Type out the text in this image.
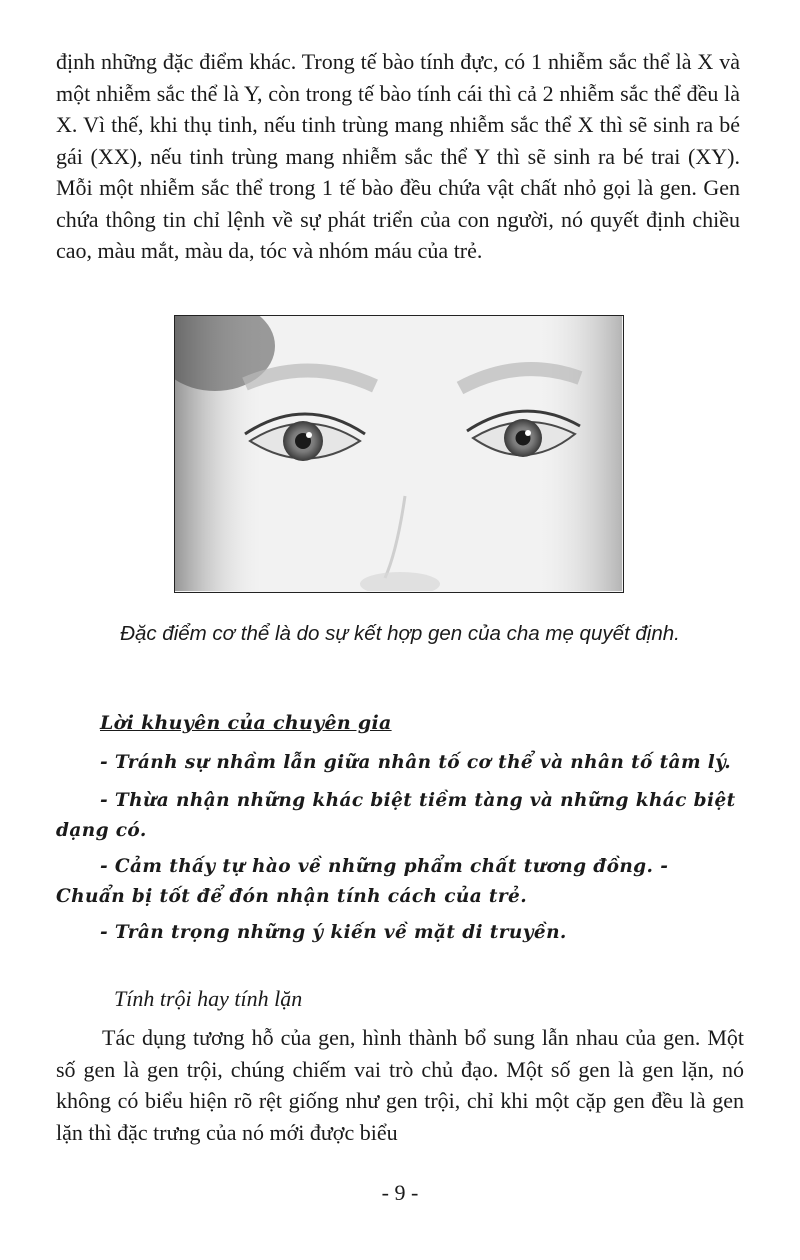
định những đặc điểm khác. Trong tế bào tính đực, có 1 nhiễm sắc thể là X và một nhiễm sắc thể là Y, còn trong tế bào tính cái thì cả 2 nhiễm sắc thể đều là X. Vì thế, khi thụ tinh, nếu tinh trùng mang nhiễm sắc thể X thì sẽ sinh ra bé gái (XX), nếu tinh trùng mang nhiễm sắc thể Y thì sẽ sinh ra bé trai (XY). Mỗi một nhiễm sắc thể trong 1 tế bào đều chứa vật chất nhỏ gọi là gen. Gen chứa thông tin chỉ lệnh về sự phát triển của con người, nó quyết định chiều cao, màu mắt, màu da, tóc và nhóm máu của trẻ.

Đặc điểm cơ thể là do sự kết hợp gen của cha mẹ quyết định.

Lời khuyên của chuyên gia
- Tránh sự nhầm lẫn giữa nhân tố cơ thể và nhân tố tâm lý.
- Thừa nhận những khác biệt tiềm tàng và những khác biệt
dạng có.
- Cảm thấy tự hào về những phẩm chất tương đồng. -
Chuẩn bị tốt để đón nhận tính cách của trẻ.
- Trân trọng những ý kiến về mặt di truyền.
Tính trội hay tính lặn

Tác dụng tương hỗ của gen, hình thành bổ sung lẫn nhau của gen. Một số gen là gen trội, chúng chiếm vai trò chủ đạo. Một số gen là gen lặn, nó không có biểu hiện rõ rệt giống như gen trội, chỉ khi một cặp gen đều là gen lặn thì đặc trưng của nó mới được biểu

- 9 -
